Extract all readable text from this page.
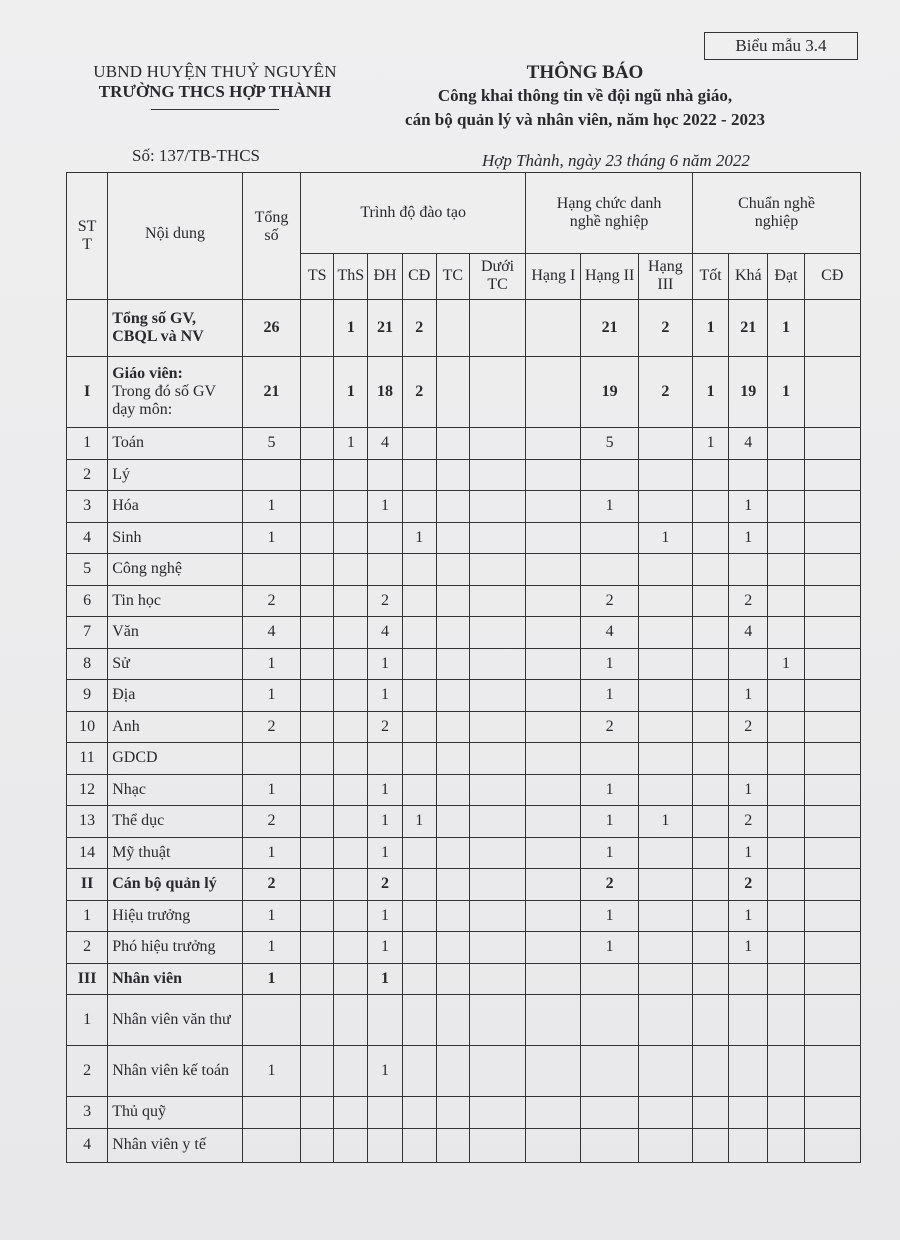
Biểu mẫu 3.4
UBND HUYỆN THUỶ NGUYÊN
TRƯỜNG THCS HỢP THÀNH
Số: 137/TB-THCS
THÔNG BÁO
Công khai thông tin về đội ngũ nhà giáo,
cán bộ quản lý và nhân viên, năm học 2022 - 2023
Hợp Thành, ngày 23 tháng 6 năm 2022
ST T	Nội dung	Tổng số	Trình độ đào tạo						Hạng chức danh nghề nghiệp			Chuẩn nghề nghiệp			
			TS	ThS	ĐH	CĐ	TC	Dưới TC	Hạng I	Hạng II	Hạng III	Tốt	Khá	Đạt	CĐ
	Tổng số GV, CBQL và NV	26		1	21	2				21	2	1	21	1	
I	Giáo viên:
Trong đó số GV dạy môn:	21		1	18	2				19	2	1	19	1	
1	Toán	5		1	4					5		1	4		
2	Lý														
3	Hóa	1			1					1			1		
4	Sinh	1				1					1		1		
5	Công nghệ														
6	Tin học	2			2					2			2		
7	Văn	4			4					4			4		
8	Sử	1			1					1				1	
9	Địa	1			1					1			1		
10	Anh	2			2					2			2		
11	GDCD														
12	Nhạc	1			1					1			1		
13	Thể dục	2			1	1				1	1		2		
14	Mỹ thuật	1			1					1			1		
II	Cán bộ quản lý	2			2					2			2		
1	Hiệu trưởng	1			1					1			1		
2	Phó hiệu trưởng	1			1					1			1		
III	Nhân viên	1			1										
1	Nhân viên văn thư														
2	Nhân viên kế toán	1			1										
3	Thủ quỹ														
4	Nhân viên y tế														
